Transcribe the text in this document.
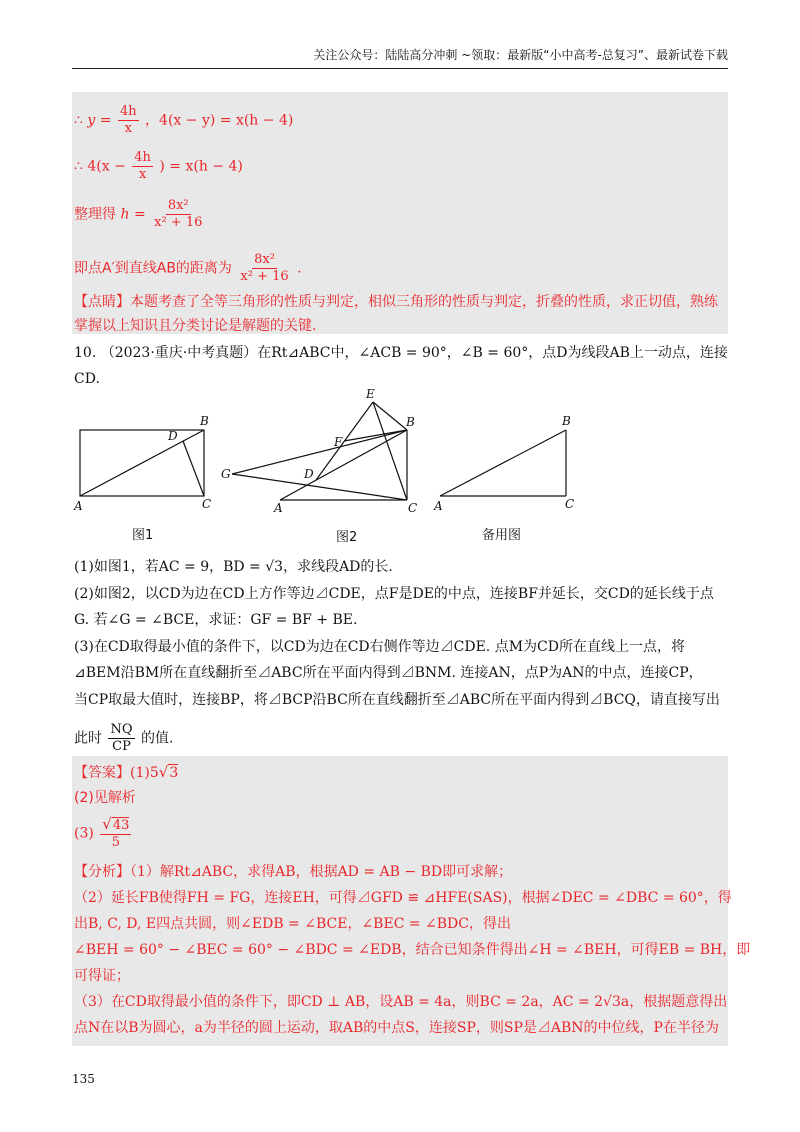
关注公众号：陆陆高分冲刺 ~领取：最新版“小中高考-总复习”、最新试卷下载
∴ $y = \frac{4h}{x}$ ，4(x − y) = x(h − 4)
∴ $4(x - \frac{4h}{x}$ ) = x(h − 4)
整理得 $h = \frac{\text{8x²}}{\text{x² + 16}}$
即点A′到直线AB的距离为 $\frac{\text{8x²}}{\text{x² + 16}}$ .
【点睛】本题考查了全等三角形的性质与判定，相似三角形的性质与判定，折叠的性质，求正切值，熟练
掌握以上知识且分类讨论是解题的关键.
10. （2023·重庆·中考真题）在Rt⊿ABC中，∠ACB = 90°，∠B = 60°，点D为线段AB上一动点，连接
CD.
B
D
A	C
图1
E
B
F
G	D
A	C
图2
B
A	C
备用图
(1)如图1，若AC = 9，BD = √3，求线段AD的长.
(2)如图2，以CD为边在CD上方作等边⊿CDE，点F是DE的中点，连接BF并延长，交CD的延长线于点
G. 若∠G = ∠BCE，求证：GF = BF + BE.
(3)在CD取得最小值的条件下，以CD为边在CD右侧作等边⊿CDE. 点M为CD所在直线上一点，将
⊿BEM沿BM所在直线翻折至⊿ABC所在平面内得到⊿BNM. 连接AN，点P为AN的中点，连接CP，
当CP取最大值时，连接BP，将⊿BCP沿BC所在直线翻折至⊿ABC所在平面内得到⊿BCQ，请直接写出
此时 $\frac{NQ}{CP}$ 的值.
【答案】(1)5√3
(2)见解析
$(3) \frac{√43}{5}$
【分析】（1）解Rt⊿ABC，求得AB，根据AD = AB − BD即可求解；
（2）延长FB使得FH = FG，连接EH，可得⊿GFD ≌ ⊿HFE(SAS)，根据∠DEC = ∠DBC = 60°，得
出B, C, D, E四点共圆，则∠EDB = ∠BCE，∠BEC = ∠BDC，得出
∠BEH = 60° − ∠BEC = 60° − ∠BDC = ∠EDB，结合已知条件得出∠H = ∠BEH，可得EB = BH，即
可得证；
（3）在CD取得最小值的条件下，即CD ⊥ AB，设AB = 4a，则BC = 2a，AC = 2√3a，根据题意得出
点N在以B为圆心，a为半径的圆上运动，取AB的中点S，连接SP，则SP是⊿ABN的中位线，P在半径为
135
